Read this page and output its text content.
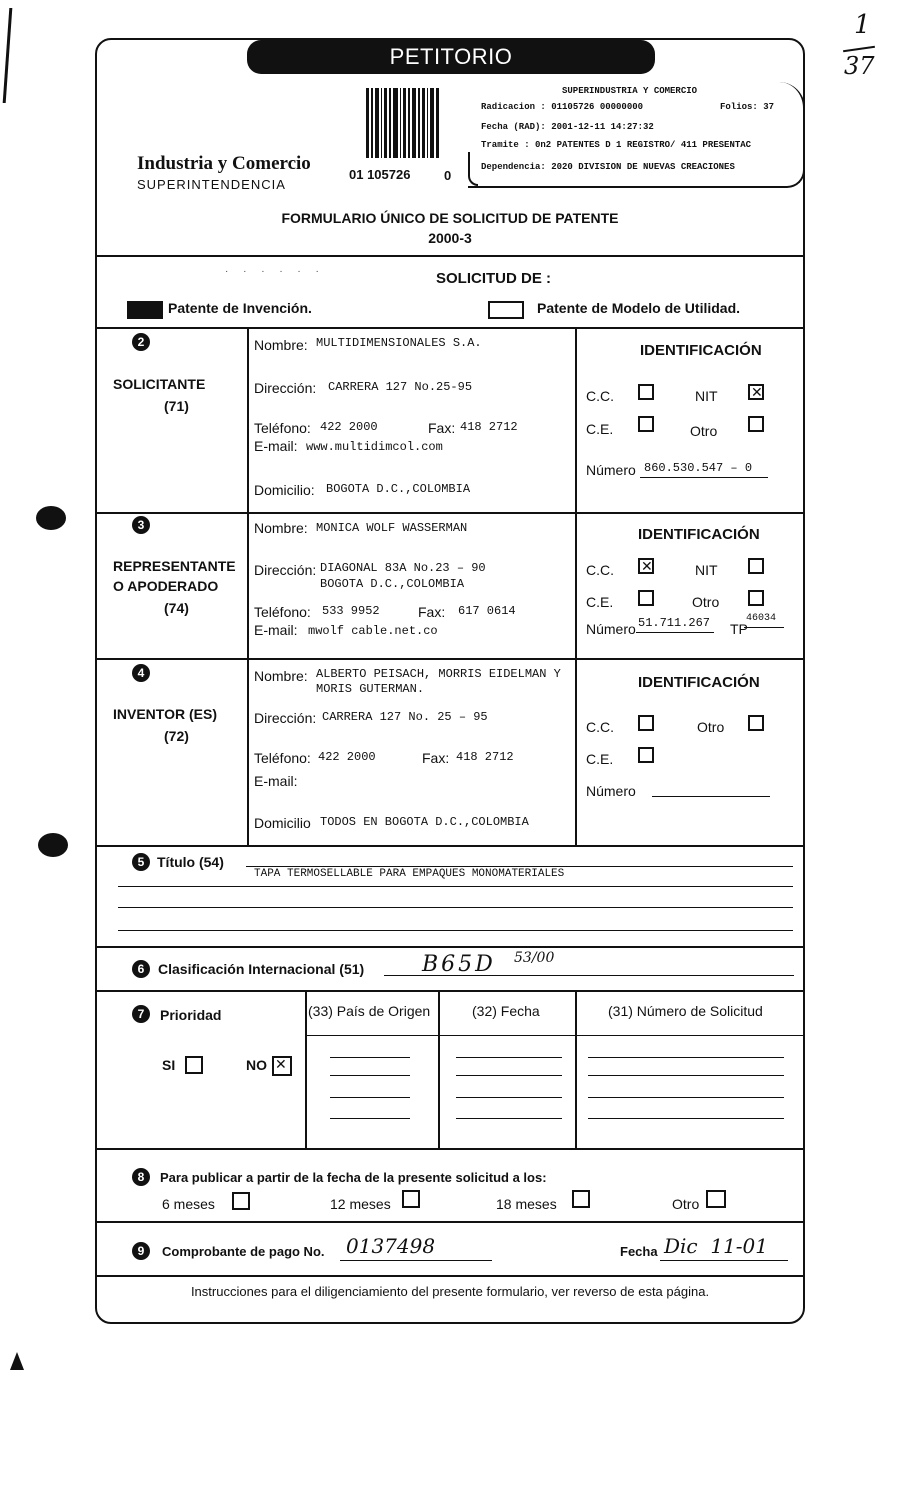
1
37
PETITORIO
Industria y Comercio
SUPERINTENDENCIA
01 105726	0
SUPERINDUSTRIA Y COMERCIO
Radicacion : 01105726 00000000	Folios: 37
Fecha (RAD): 2001-12-11 14:27:32
Tramite : 0n2 PATENTES D 1 REGISTRO/ 411 PRESENTAC
Dependencia: 2020 DIVISION DE NUEVAS CREACIONES
FORMULARIO ÚNICO DE SOLICITUD DE PATENTE
2000-3
SOLICITUD DE :
Patente de Invención.	Patente de Modelo de Utilidad.
· · · · · ·
2
SOLICITANTE
(71)
Nombre: MULTIDIMENSIONALES S.A.
Dirección: CARRERA 127 No.25-95
Teléfono: 422 2000	Fax: 418 2712
E-mail: www.multidimcol.com
Domicilio: BOGOTA D.C.,COLOMBIA
IDENTIFICACIÓN
C.C.	NIT
✕
C.E.	Otro
Número 860.530.547 – 0
3
REPRESENTANTE
O APODERADO
(74)
Nombre: MONICA WOLF WASSERMAN
Dirección: DIAGONAL 83A No.23 – 90
BOGOTA D.C.,COLOMBIA
Teléfono: 533 9952	Fax: 617 0614
E-mail: mwolf cable.net.co
IDENTIFICACIÓN
C.C.
✕	NIT
C.E.	Otro
Número 51.711.267 TP
46034
4
INVENTOR (ES)
(72)
Nombre: ALBERTO PEISACH, MORRIS EIDELMAN Y
MORIS GUTERMAN.
Dirección: CARRERA 127 No. 25 – 95
Teléfono: 422 2000	Fax: 418 2712
E-mail:
Domicilio TODOS EN BOGOTA D.C.,COLOMBIA
IDENTIFICACIÓN
C.C.	Otro
C.E.
Número
5 Título (54)
TAPA TERMOSELLABLE PARA EMPAQUES MONOMATERIALES
6 Clasificación Internacional (51)	B65D 53/00
7	Prioridad
SI	NO
✕
(33) País de Origen	(32) Fecha	(31) Número de Solicitud
8	Para publicar a partir de la fecha de la presente solicitud a los:
6 meses	12 meses	18 meses	Otro
9	Comprobante de pago No. 0137498	Fecha Dic  11-01
Instrucciones para el diligenciamiento del presente formulario, ver reverso de esta página.
